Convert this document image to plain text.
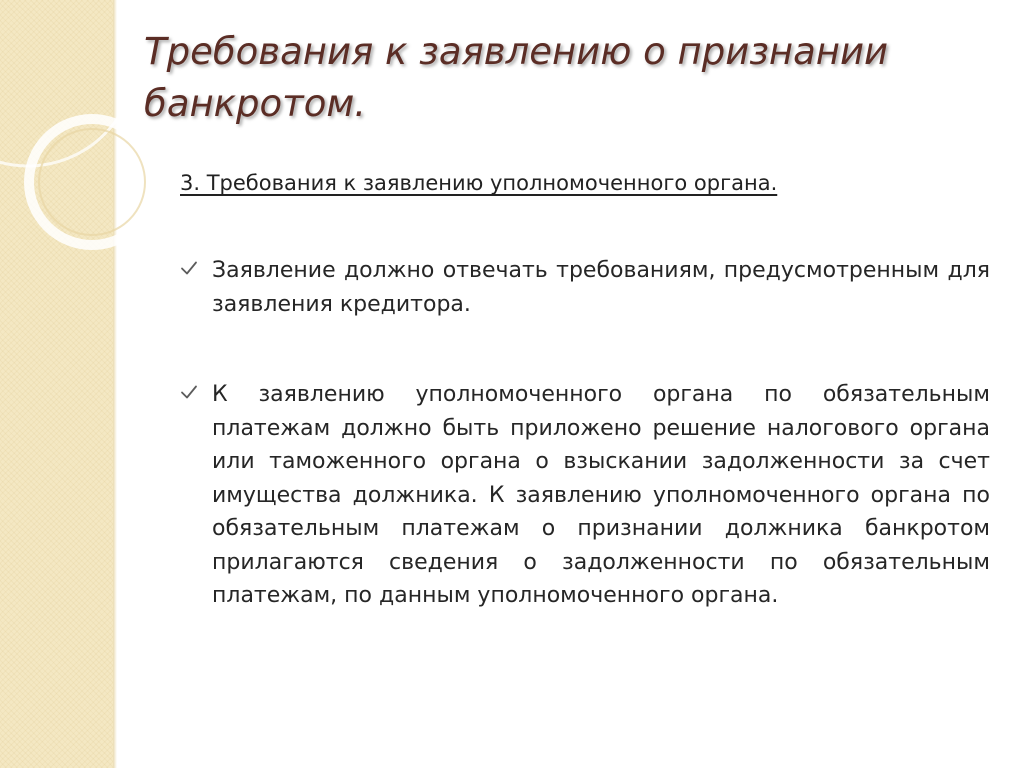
Требования к заявлению о признании банкротом.

3. Требования к заявлению уполномоченного органа.

Заявление должно отвечать требованиям, предусмотренным для заявления кредитора.
К заявлению уполномоченного органа по обязательным платежам должно быть приложено решение налогового органа или таможенного органа о взыскании задолженности за счет имущества должника. К заявлению уполномоченного органа по обязательным платежам о признании должника банкротом прилагаются сведения о задолженности по обязательным платежам, по данным уполномоченного органа.
